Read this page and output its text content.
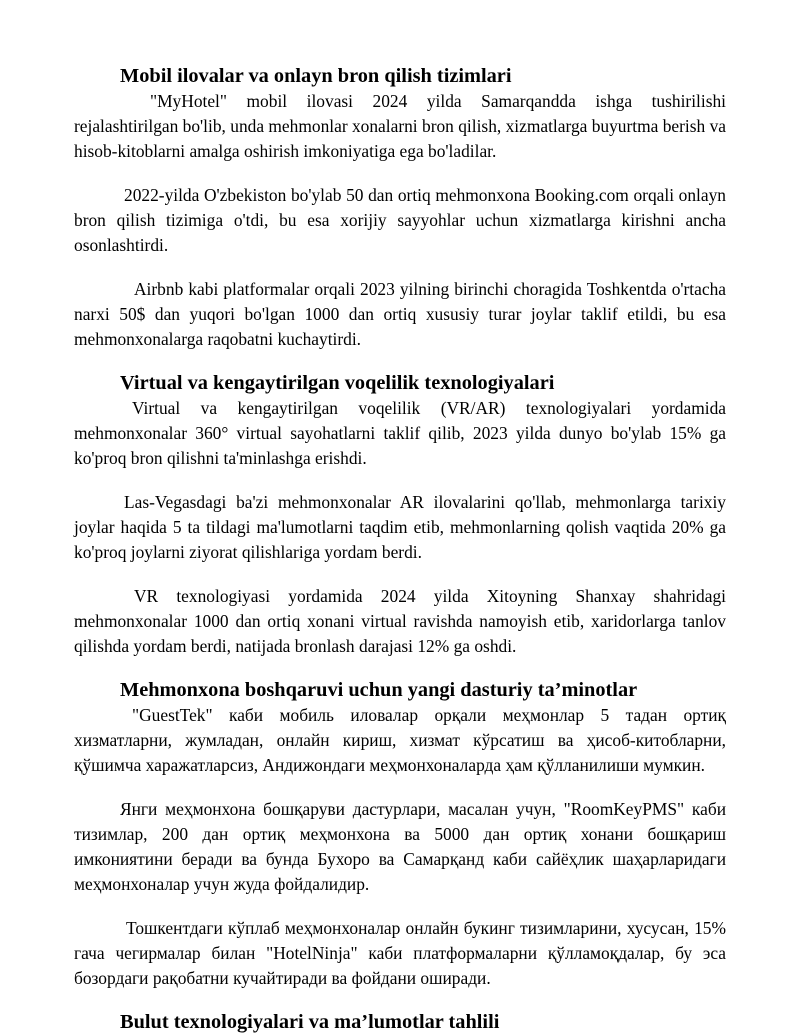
Mobil ilovalar va onlayn bron qilish tizimlari

"MyHotel" mobil ilovasi 2024 yilda Samarqandda ishga tushirilishi rejalashtirilgan bo'lib, unda mehmonlar xonalarni bron qilish, xizmatlarga buyurtma berish va hisob-kitoblarni amalga oshirish imkoniyatiga ega bo'ladilar.

2022-yilda O'zbekiston bo'ylab 50 dan ortiq mehmonxona Booking.com orqali onlayn bron qilish tizimiga o'tdi, bu esa xorijiy sayyohlar uchun xizmatlarga kirishni ancha osonlashtirdi.

Airbnb kabi platformalar orqali 2023 yilning birinchi choragida Toshkentda o'rtacha narxi 50$ dan yuqori bo'lgan 1000 dan ortiq xususiy turar joylar taklif etildi, bu esa mehmonxonalarga raqobatni kuchaytirdi.

Virtual va kengaytirilgan voqelilik texnologiyalari

Virtual va kengaytirilgan voqelilik (VR/AR) texnologiyalari yordamida mehmonxonalar 360° virtual sayohatlarni taklif qilib, 2023 yilda dunyo bo'ylab 15% ga ko'proq bron qilishni ta'minlashga erishdi.

Las-Vegasdagi ba'zi mehmonxonalar AR ilovalarini qo'llab, mehmonlarga tarixiy joylar haqida 5 ta tildagi ma'lumotlarni taqdim etib, mehmonlarning qolish vaqtida 20% ga ko'proq joylarni ziyorat qilishlariga yordam berdi.

VR texnologiyasi yordamida 2024 yilda Xitoyning Shanxay shahridagi mehmonxonalar 1000 dan ortiq xonani virtual ravishda namoyish etib, xaridorlarga tanlov qilishda yordam berdi, natijada bronlash darajasi 12% ga oshdi.

Mehmonxona boshqaruvi uchun yangi dasturiy ta’minotlar

"GuestTek" каби мобиль иловалар орқали меҳмонлар 5 тадан ортиқ хизматларни, жумладан, онлайн кириш, хизмат кўрсатиш ва ҳисоб-китобларни, қўшимча харажатларсиз, Андижондаги меҳмонхоналарда ҳам қўлланилиши мумкин.

Янги меҳмонхона бошқаруви дастурлари, масалан учун, "RoomKeyPMS" каби тизимлар, 200 дан ортиқ меҳмонхона ва 5000 дан ортиқ хонани бошқариш имкониятини беради ва бунда Бухоро ва Самарқанд каби сайёҳлик шаҳарларидаги меҳмонхоналар учун жуда фойдалидир.

Тошкентдаги кўплаб меҳмонхоналар онлайн букинг тизимларини, хусусан, 15% гача чегирмалар билан "HotelNinja" каби платформаларни қўлламоқдалар, бу эса бозордаги рақобатни кучайтиради ва фойдани оширади.

Bulut texnologiyalari va ma’lumotlar tahlili
